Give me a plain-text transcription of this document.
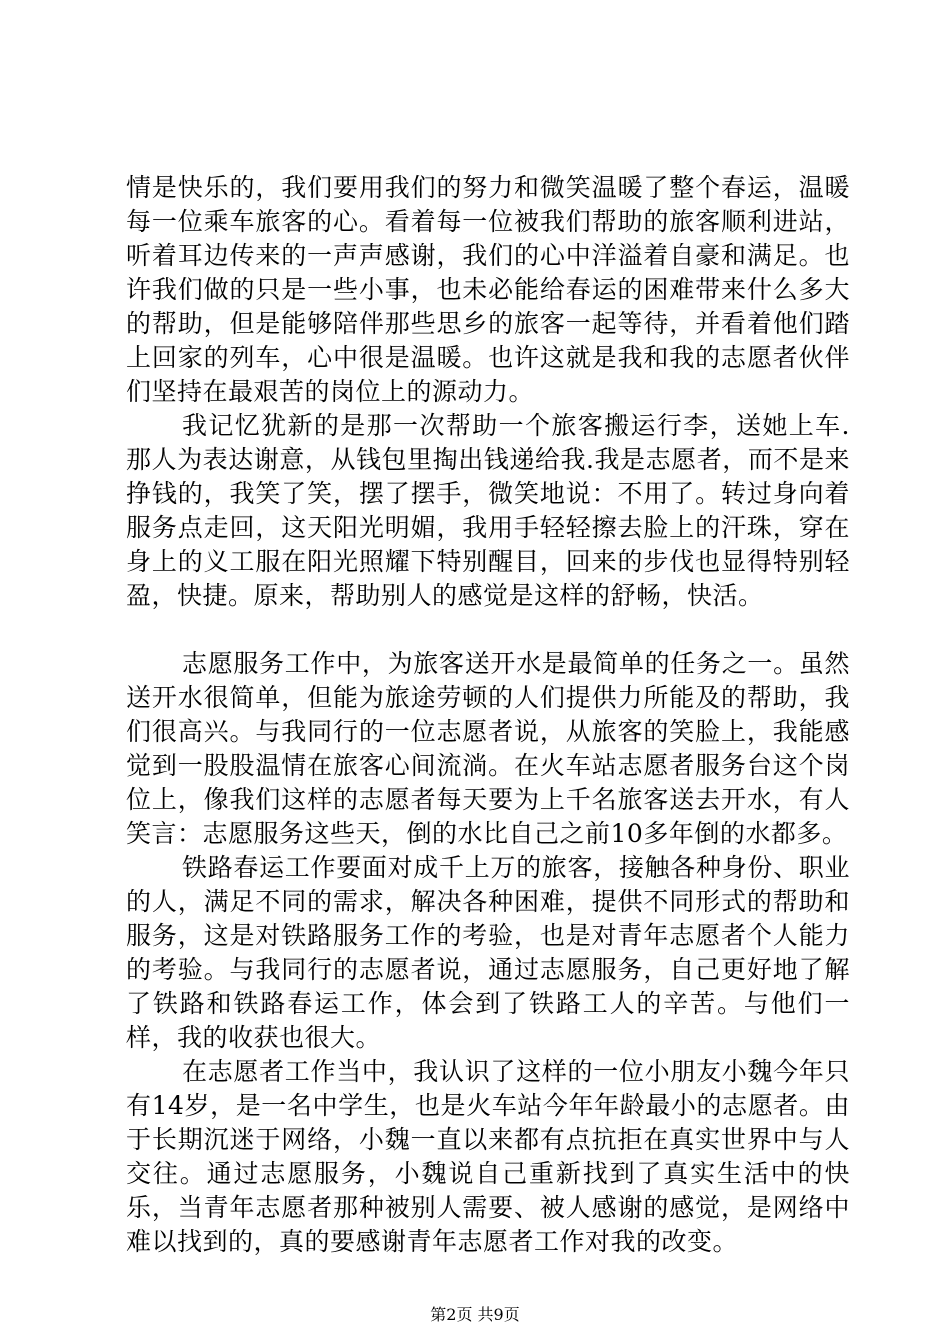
情是快乐的，我们要用我们的努力和微笑温暖了整个春运，温暖每一位乘车旅客的心。看着每一位被我们帮助的旅客顺利进站，听着耳边传来的一声声感谢，我们的心中洋溢着自豪和满足。也许我们做的只是一些小事，也未必能给春运的困难带来什么多大的帮助，但是能够陪伴那些思乡的旅客一起等待，并看着他们踏上回家的列车，心中很是温暖。也许这就是我和我的志愿者伙伴们坚持在最艰苦的岗位上的源动力。

我记忆犹新的是那一次帮助一个旅客搬运行李，送她上车.那人为表达谢意，从钱包里掏出钱递给我.我是志愿者，而不是来挣钱的，我笑了笑，摆了摆手，微笑地说：不用了。转过身向着服务点走回，这天阳光明媚，我用手轻轻擦去脸上的汗珠，穿在身上的义工服在阳光照耀下特别醒目，回来的步伐也显得特别轻盈，快捷。原来，帮助别人的感觉是这样的舒畅，快活。

志愿服务工作中，为旅客送开水是最简单的任务之一。虽然送开水很简单，但能为旅途劳顿的人们提供力所能及的帮助，我们很高兴。与我同行的一位志愿者说，从旅客的笑脸上，我能感觉到一股股温情在旅客心间流淌。在火车站志愿者服务台这个岗位上，像我们这样的志愿者每天要为上千名旅客送去开水，有人笑言：志愿服务这些天，倒的水比自己之前10多年倒的水都多。

铁路春运工作要面对成千上万的旅客，接触各种身份、职业的人，满足不同的需求，解决各种困难，提供不同形式的帮助和服务，这是对铁路服务工作的考验，也是对青年志愿者个人能力的考验。与我同行的志愿者说，通过志愿服务，自己更好地了解了铁路和铁路春运工作，体会到了铁路工人的辛苦。与他们一样，我的收获也很大。

在志愿者工作当中，我认识了这样的一位小朋友小魏今年只有14岁，是一名中学生，也是火车站今年年龄最小的志愿者。由于长期沉迷于网络，小魏一直以来都有点抗拒在真实世界中与人交往。通过志愿服务，小魏说自己重新找到了真实生活中的快乐，当青年志愿者那种被别人需要、被人感谢的感觉，是网络中难以找到的，真的要感谢青年志愿者工作对我的改变。

第2页 共9页
